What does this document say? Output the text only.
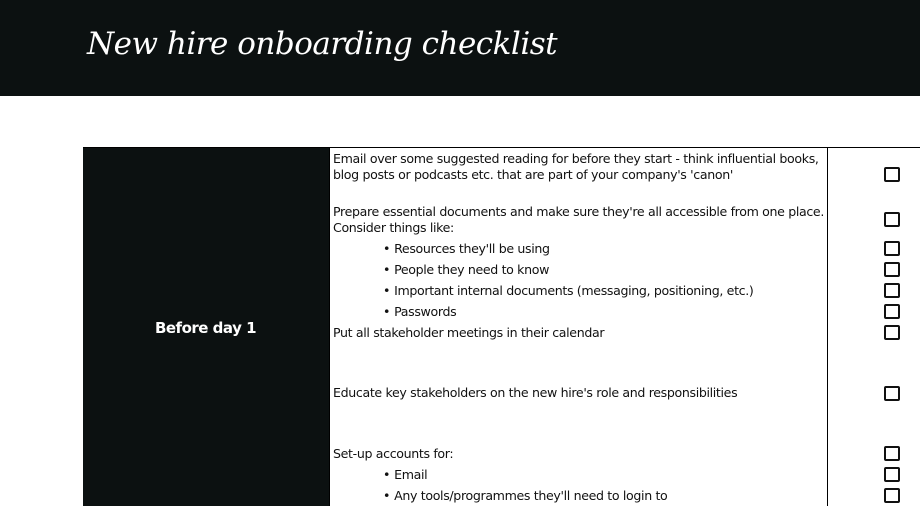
New hire onboarding checklist
Before day 1
Email over some suggested reading for before they start - think influential books, blog posts or podcasts etc. that are part of your company's 'canon'
Prepare essential documents and make sure they're all accessible from one place. Consider things like:
• Resources they'll be using
• People they need to know
• Important internal documents (messaging, positioning, etc.)
• Passwords
Put all stakeholder meetings in their calendar
Educate key stakeholders on the new hire's role and responsibilities
Set-up accounts for:
• Email
• Any tools/programmes they'll need to login to
